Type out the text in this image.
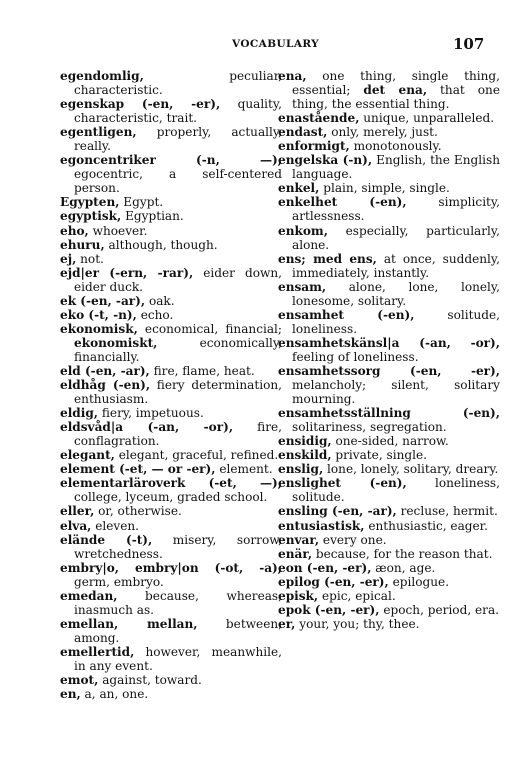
VOCABULARY	107
egendomlig, peculiar, characteristic.
egenskap (-en, -er), quality, characteristic, trait.
egentligen, properly, actually, really.
egoncentriker (-n, —), egocentric, a self-centered person.
Egypten, Egypt.
egyptisk, Egyptian.
eho, whoever.
ehuru, although, though.
ej, not.
ejd|er (-ern, -rar), eider down, eider duck.
ek (-en, -ar), oak.
eko (-t, -n), echo.
ekonomisk, economical, financial; ekonomiskt, economically, financially.
eld (-en, -ar), fire, flame, heat.
eldhåg (-en), fiery determination, enthusiasm.
eldig, fiery, impetuous.
eldsvåd|a (-an, -or), fire, conflagration.
elegant, elegant, graceful, refined.
element (-et, — or -er), element.
elementarläroverk (-et, —), college, lyceum, graded school.
eller, or, otherwise.
elva, eleven.
elände (-t), misery, sorrow, wretchedness.
embry|o, embry|on (-ot, -a), germ, embryo.
emedan, because, whereas, inasmuch as.
emellan, mellan, between, among.
emellertid, however, meanwhile, in any event.
emot, against, toward.
en, a, an, one.
ena, one thing, single thing, essential; det ena, that one thing, the essential thing.
enastående, unique, unparalleled.
endast, only, merely, just.
enformigt, monotonously.
engelska (-n), English, the English language.
enkel, plain, simple, single.
enkelhet (-en), simplicity, artlessness.
enkom, especially, particularly, alone.
ens; med ens, at once, suddenly, immediately, instantly.
ensam, alone, lone, lonely, lonesome, solitary.
ensamhet (-en), solitude, loneliness.
ensamhetskänsl|a (-an, -or), feeling of loneliness.
ensamhetssorg (-en, -er), melancholy; silent, solitary mourning.
ensamhetsställning (-en), solitariness, segregation.
ensidig, one-sided, narrow.
enskild, private, single.
enslig, lone, lonely, solitary, dreary.
enslighet (-en), loneliness, solitude.
ensling (-en, -ar), recluse, hermit.
entusiastisk, enthusiastic, eager.
envar, every one.
enär, because, for the reason that.
eon (-en, -er), æon, age.
epilog (-en, -er), epilogue.
episk, epic, epical.
epok (-en, -er), epoch, period, era.
er, your, you; thy, thee.
